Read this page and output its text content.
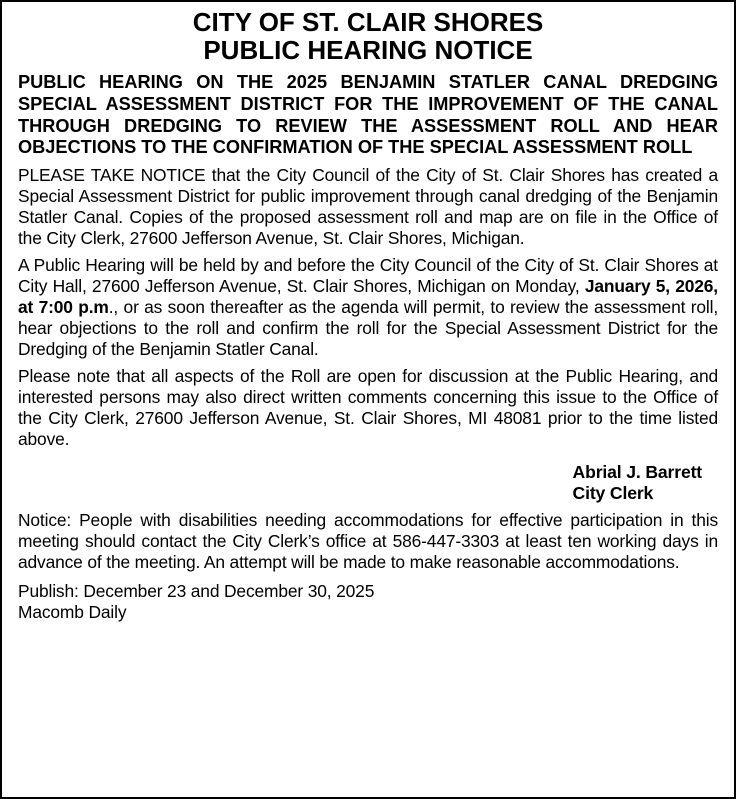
CITY OF ST. CLAIR SHORES
PUBLIC HEARING NOTICE

PUBLIC HEARING ON THE 2025 BENJAMIN STATLER CANAL DREDGING SPECIAL ASSESSMENT DISTRICT FOR THE IMPROVEMENT OF THE CANAL THROUGH DREDGING TO REVIEW THE ASSESSMENT ROLL AND HEAR OBJECTIONS TO THE CONFIRMATION OF THE SPECIAL ASSESSMENT ROLL

PLEASE TAKE NOTICE that the City Council of the City of St. Clair Shores has created a Special Assessment District for public improvement through canal dredging of the Benjamin Statler Canal. Copies of the proposed assessment roll and map are on file in the Office of the City Clerk, 27600 Jefferson Avenue, St. Clair Shores, Michigan.

A Public Hearing will be held by and before the City Council of the City of St. Clair Shores at City Hall, 27600 Jefferson Avenue, St. Clair Shores, Michigan on Monday, January 5, 2026, at 7:00 p.m., or as soon thereafter as the agenda will permit, to review the assessment roll, hear objections to the roll and confirm the roll for the Special Assessment District for the Dredging of the Benjamin Statler Canal.

Please note that all aspects of the Roll are open for discussion at the Public Hearing, and interested persons may also direct written comments concerning this issue to the Office of the City Clerk, 27600 Jefferson Avenue, St. Clair Shores, MI 48081 prior to the time listed above.

Abrial J. Barrett
City Clerk

Notice: People with disabilities needing accommodations for effective participation in this meeting should contact the City Clerk’s office at 586-447-3303 at least ten working days in advance of the meeting. An attempt will be made to make reasonable accommodations.

Publish: December 23 and December 30, 2025
Macomb Daily
